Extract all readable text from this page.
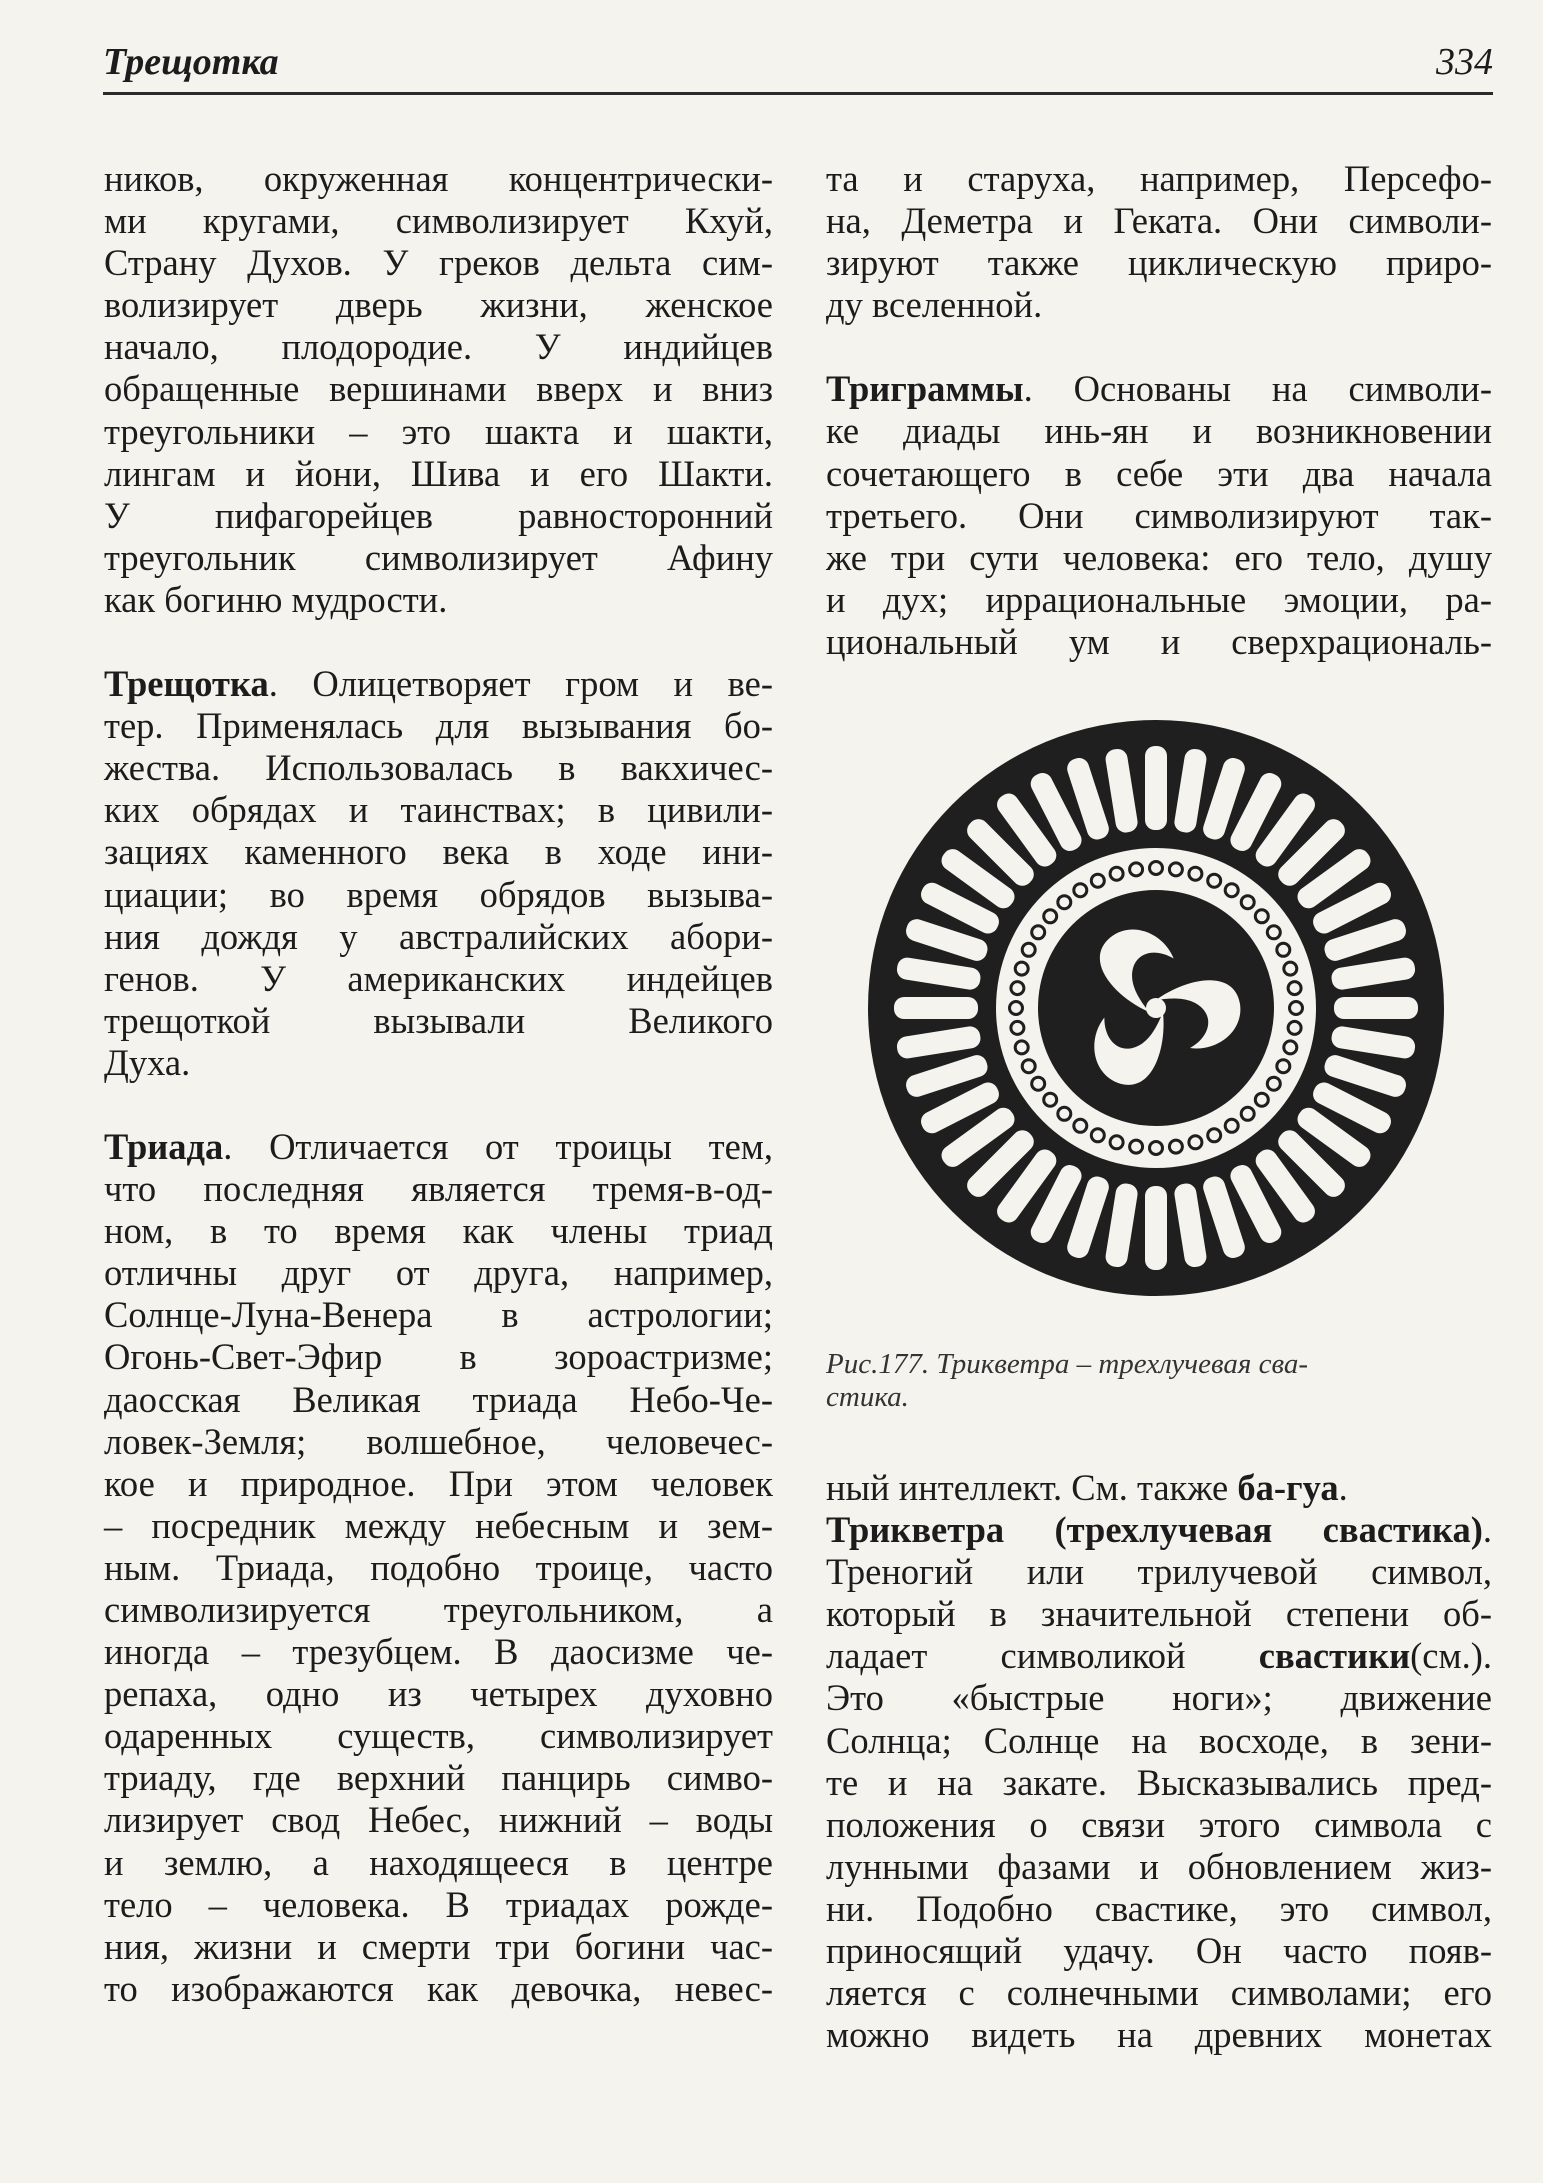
Трещотка	334

ников, окруженная концентрически-
ми кругами, символизирует Кхуй,
Страну Духов. У греков дельта сим-
волизирует дверь жизни, женское
начало, плодородие. У индийцев
обращенные вершинами вверх и вниз
треугольники – это шакта и шакти,
лингам и йони, Шива и его Шакти.
У пифагорейцев равносторонний
треугольник символизирует Афину
как богиню мудрости.

Трещотка. Олицетворяет гром и ве-
тер. Применялась для вызывания бо-
жества. Использовалась в вакхичес-
ких обрядах и таинствах; в цивили-
зациях каменного века в ходе ини-
циации; во время обрядов вызыва-
ния дождя у австралийских абори-
генов. У американских индейцев
трещоткой вызывали Великого
Духа.

Триада. Отличается от троицы тем,
что последняя является тремя-в-од-
ном, в то время как члены триад
отличны друг от друга, например,
Солнце-Луна-Венера в астрологии;
Огонь-Свет-Эфир в зороастризме;
даосская Великая триада Небо-Че-
ловек-Земля; волшебное, человечес-
кое и природное. При этом человек
– посредник между небесным и зем-
ным. Триада, подобно троице, часто
символизируется треугольником, а
иногда – трезубцем. В даосизме че-
репаха, одно из четырех духовно
одаренных существ, символизирует
триаду, где верхний панцирь симво-
лизирует свод Небес, нижний – воды
и землю, а находящееся в центре
тело – человека. В триадах рожде-
ния, жизни и смерти три богини час-
то изображаются как девочка, невес-

та и старуха, например, Персефо-
на, Деметра и Геката. Они символи-
зируют также циклическую приро-
ду вселенной.

Триграммы. Основаны на символи-
ке диады инь-ян и возникновении
сочетающего в себе эти два начала
третьего. Они символизируют так-
же три сути человека: его тело, душу
и дух; иррациональные эмоции, ра-
циональный ум и сверхрациональ-

Рис.177. Трикветра – трехлучевая сва-
стика.

ный интеллект. См. также ба-гуа.

Трикветра (трехлучевая свастика).
Треногий или трилучевой символ,
который в значительной степени об-
ладает символикой свастики(см.).
Это «быстрые ноги»; движение
Солнца; Солнце на восходе, в зени-
те и на закате. Высказывались пред-
положения о связи этого символа с
лунными фазами и обновлением жиз-
ни. Подобно свастике, это символ,
приносящий удачу. Он часто появ-
ляется с солнечными символами; его
можно видеть на древних монетах
